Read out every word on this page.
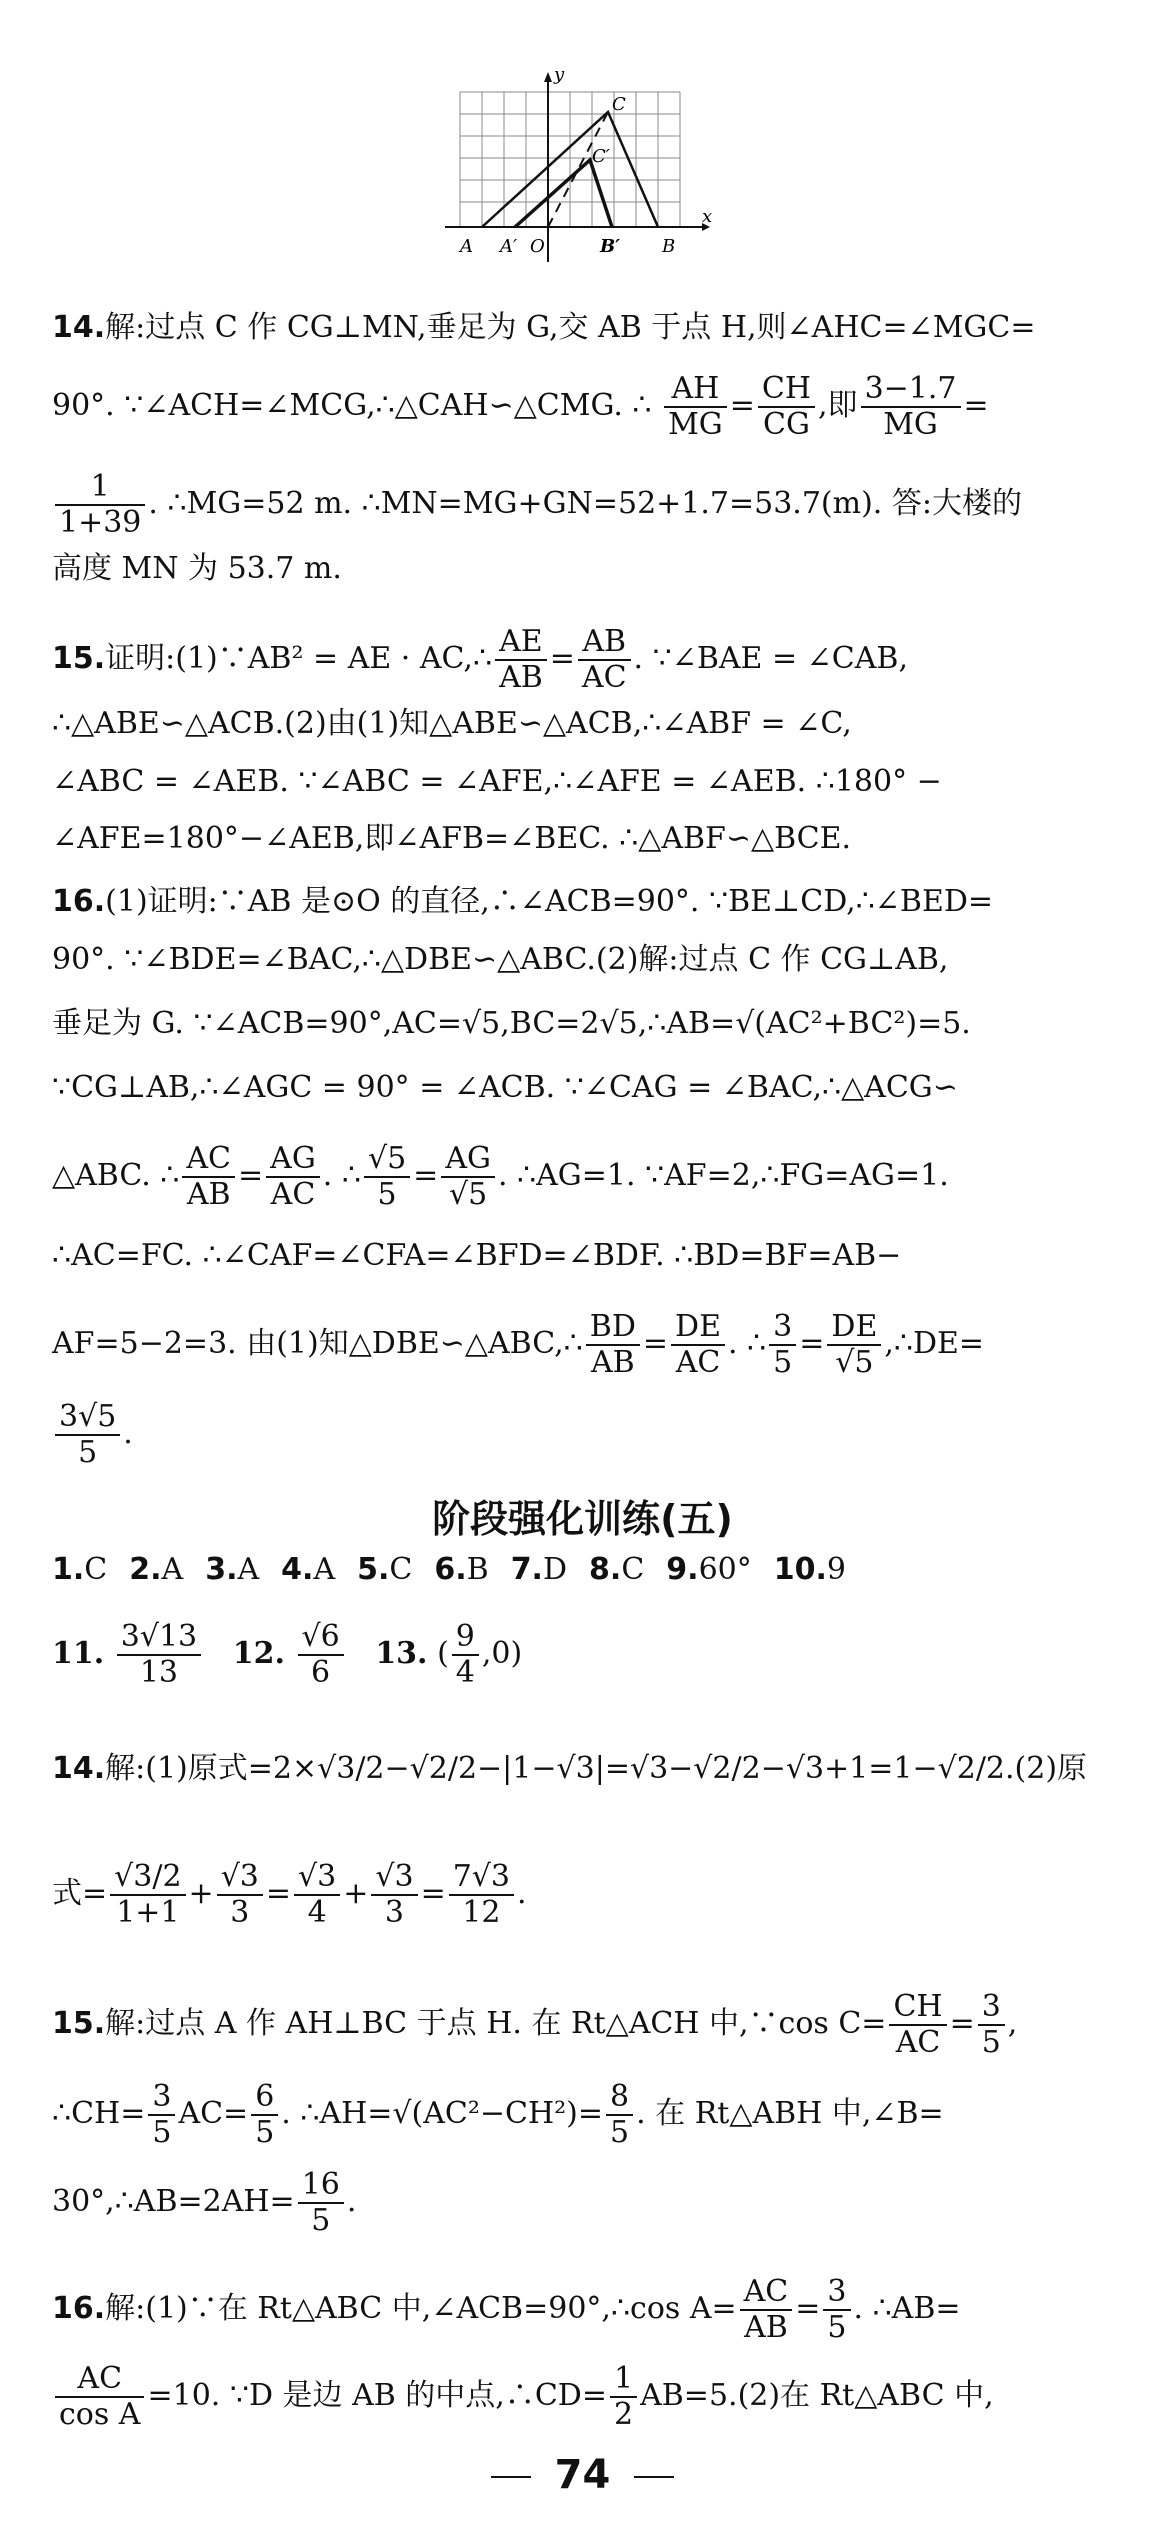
y
x
C
C′
A A′ O	B′ B
14.解:过点 C 作 CG⊥MN,垂足为 G,交 AB 于点 H,则∠AHC=∠MGC=
90°. ∵∠ACH=∠MCG,∴△CAH∽△CMG. ∴ $\frac{AH}{MG} = \frac{CH}{CG}$ ,即 $\frac{3-1.7}{MG}$ =
$\frac{1}{1+39}$ . ∴MG=52 m. ∴MN=MG+GN=52+1.7=53.7(m). 答:大楼的
高度 MN 为 53.7 m.
15.证明:(1)∵AB² = AE · AC,∴ $\frac{AE}{AB} = \frac{AB}{AC}$ . ∵∠BAE = ∠CAB,
∴△ABE∽△ACB.(2)由(1)知△ABE∽△ACB,∴∠ABF = ∠C,
∠ABC = ∠AEB. ∵∠ABC = ∠AFE,∴∠AFE = ∠AEB. ∴180° −
∠AFE=180°−∠AEB,即∠AFB=∠BEC. ∴△ABF∽△BCE.
16.(1)证明:∵AB 是⊙O 的直径,∴∠ACB=90°. ∵BE⊥CD,∴∠BED=
90°. ∵∠BDE=∠BAC,∴△DBE∽△ABC.(2)解:过点 C 作 CG⊥AB,
垂足为 G. ∵∠ACB=90°,AC=√5,BC=2√5,∴AB=√(AC²+BC²)=5.
∵CG⊥AB,∴∠AGC = 90° = ∠ACB. ∵∠CAG = ∠BAC,∴△ACG∽
△ABC. ∴ $\frac{AC}{AB} = \frac{AG}{AC}$ . ∴ $\frac{√5}{5} = \frac{AG}{√5}$ . ∴AG=1. ∵AF=2,∴FG=AG=1.
∴AC=FC. ∴∠CAF=∠CFA=∠BFD=∠BDF. ∴BD=BF=AB−
AF=5−2=3. 由(1)知△DBE∽△ABC,∴ $\frac{BD}{AB} = \frac{DE}{AC}$ . ∴ $\frac{3}{5} = \frac{DE}{√5}$ ,∴DE=
$\frac{3√5}{5}$ .
阶段强化训练(五)
1.C 2.A 3.A 4.A 5.C 6.B 7.D 8.C 9.60° 10.9
11. $\frac{3√13}{13} 12$. $\frac{√6}{6} 13$. ( $\frac{9}{4} ,0$)
14.解:(1)原式=2×√3/2−√2/2−|1−√3|=√3−√2/2−√3+1=1−√2/2.(2)原
式= $\frac{√3/2}{1+1} + \frac{√3}{3} = \frac{√3}{4} + \frac{√3}{3} = \frac{7√3}{12}$ .
15.解:过点 A 作 AH⊥BC 于点 H. 在 Rt△ACH 中,∵cos $C= \frac{CH}{AC} = \frac{3}{5}$ ,
∴CH= $\frac{3}{5} AC= \frac{6}{5}$ . ∴AH=√(AC²−CH²)= $\frac{8}{5}$ . 在 Rt△ABH 中,∠B=
30°,∴AB=2AH= $\frac{16}{5}$ .
16.解:(1)∵在 Rt△ABC 中,∠ACB=90°,∴cos $A= \frac{AC}{AB} = \frac{3}{5}$ . ∴AB=
$\frac{AC}{\text{cos A}} =10$. ∵D 是边 AB 的中点,∴CD= $\frac{1}{2} AB=5.(2)$在 Rt△ABC 中,
74
